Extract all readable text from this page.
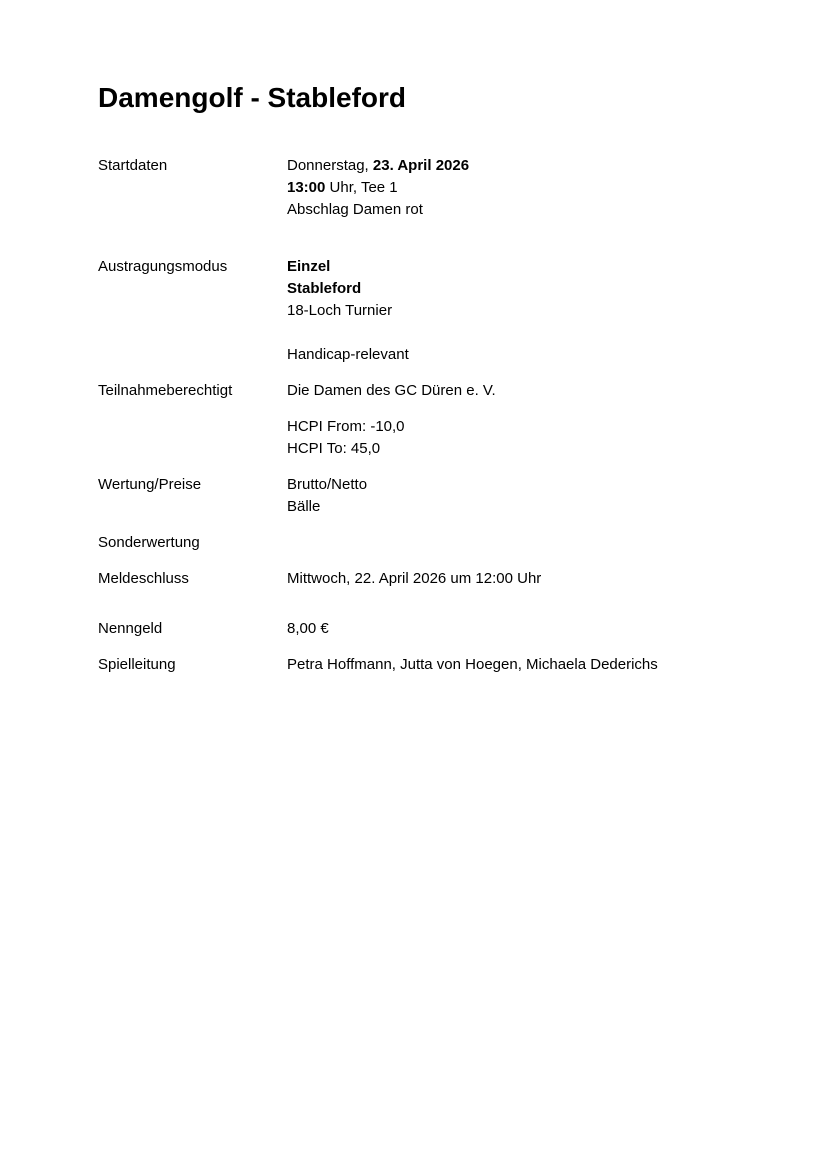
Damengolf - Stableford
Startdaten	Donnerstag, 23. April 2026
13:00 Uhr, Tee 1
Abschlag Damen rot
Austragungsmodus	Einzel
Stableford
18-Loch Turnier

Handicap-relevant
Teilnahmeberechtigt	Die Damen des GC Düren e. V.
HCPI From: -10,0
HCPI To: 45,0
Wertung/Preise	Brutto/Netto
Bälle
Sonderwertung
Meldeschluss	Mittwoch, 22. April 2026 um 12:00 Uhr
Nenngeld	8,00 €
Spielleitung	Petra Hoffmann, Jutta von Hoegen, Michaela Dederichs
